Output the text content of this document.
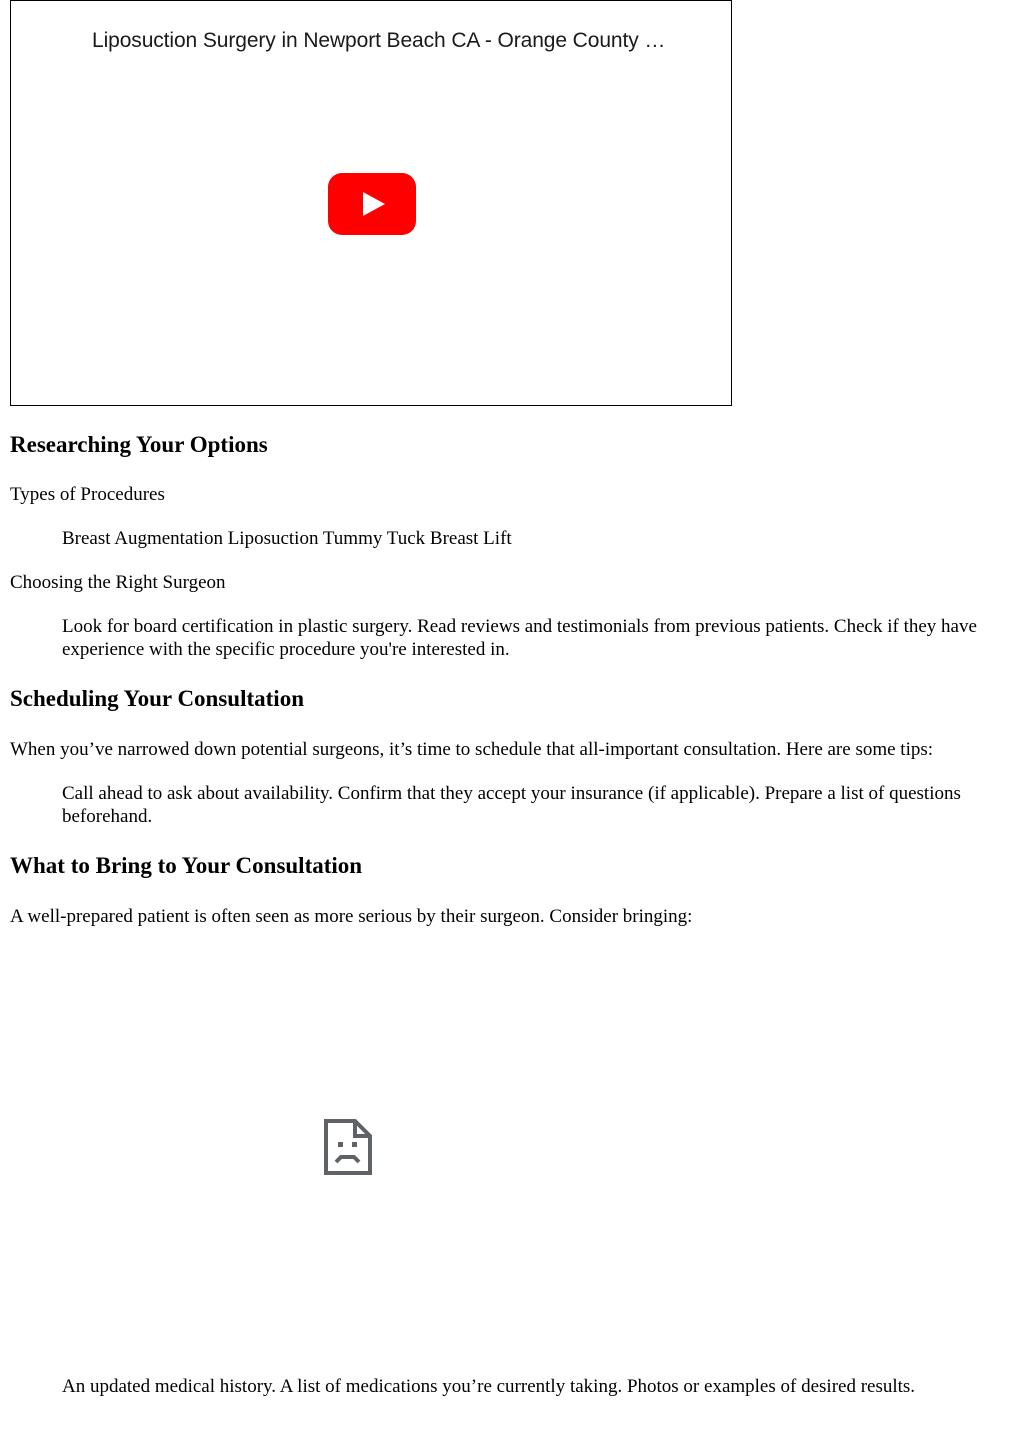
Liposuction Surgery in Newport Beach CA - Orange County …
Researching Your Options

Types of Procedures

Breast Augmentation Liposuction Tummy Tuck Breast Lift

Choosing the Right Surgeon

Look for board certification in plastic surgery. Read reviews and testimonials from previous patients. Check if they have experience with the specific procedure you're interested in.

Scheduling Your Consultation

When you’ve narrowed down potential surgeons, it’s time to schedule that all-important consultation. Here are some tips:

Call ahead to ask about availability. Confirm that they accept your insurance (if applicable). Prepare a list of questions beforehand.

What to Bring to Your Consultation

A well-prepared patient is often seen as more serious by their surgeon. Consider bringing:

An updated medical history. A list of medications you’re currently taking. Photos or examples of desired results.
